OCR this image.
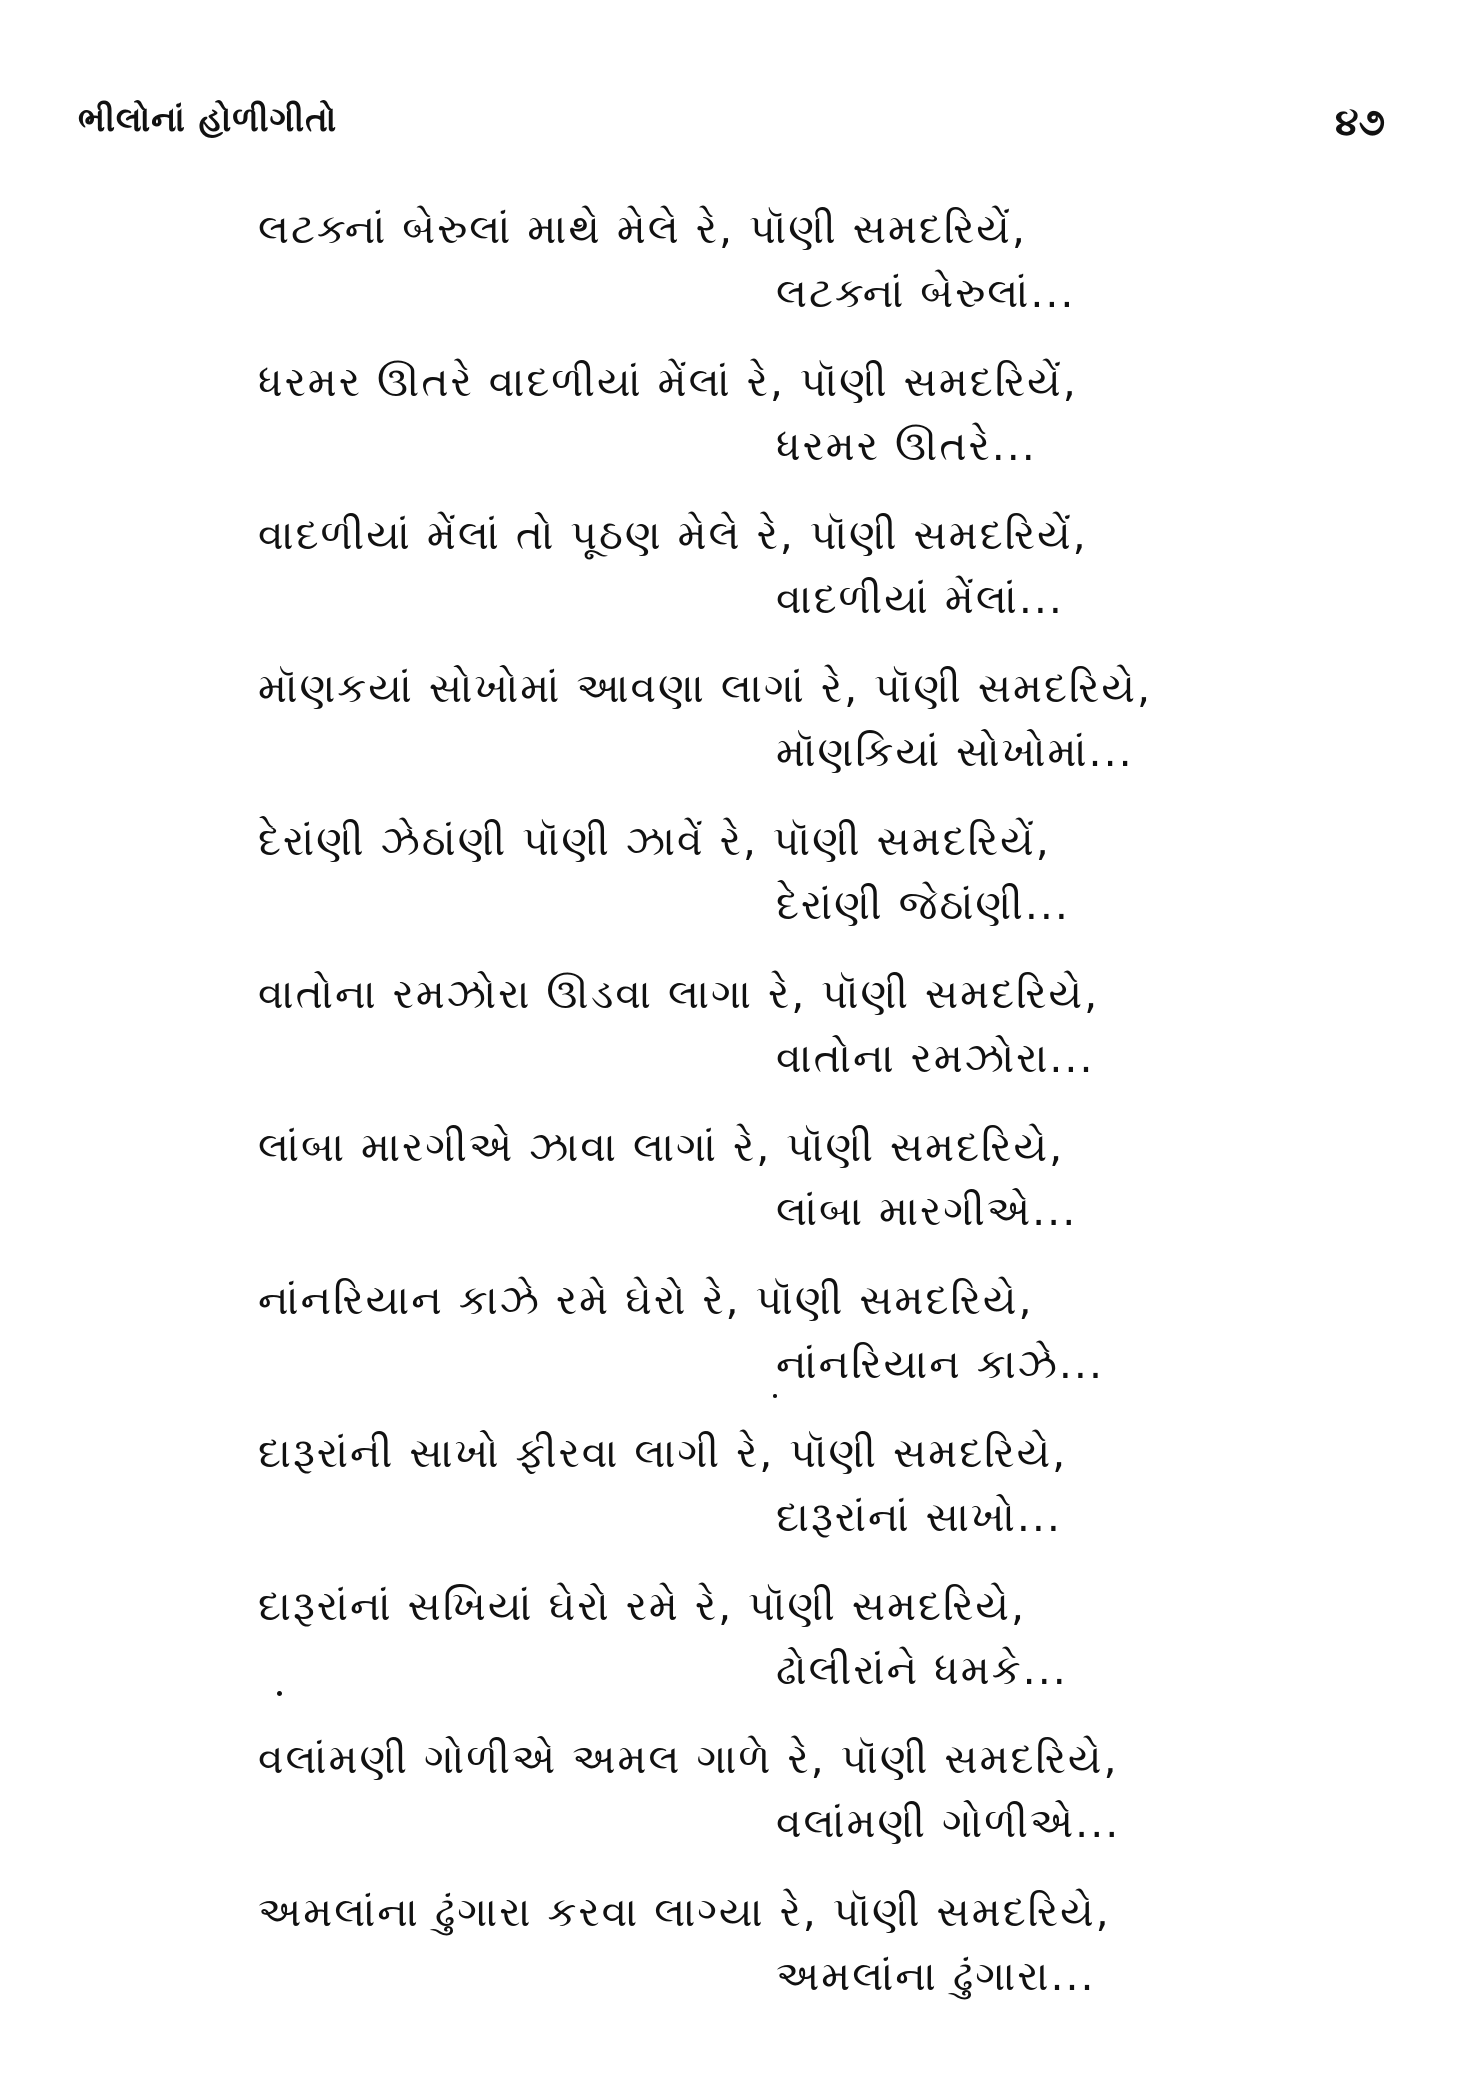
ભીલોનાં હોળીગીતો	૪૭
લટક્નાં બેરુલાં માથે મેલે રે, પૉણી સમદરિયેં,
લટક્નાં બેરુલાં...
ધરમર ઊતરે વાદળીયાં મેંલાં રે, પૉણી સમદરિયેં,
ધરમર ઊતરે...
વાદળીયાં મેંલાં તો પૂઠણ મેલે રે, પૉણી સમદરિયેં,
વાદળીયાં મેંલાં...
મૉણકયાં સોખોમાં આવણા લાગાં રે, પૉણી સમદરિયે,
મૉણકિયાં સોખોમાં...
દેરાંણી ઝેઠાંણી પૉણી ઝાવેં રે, પૉણી સમદરિયેં,
દેરાંણી જેઠાંણી...
વાતોના રમઝોરા ઊડવા લાગા રે, પૉણી સમદરિયે,
વાતોના રમઝોરા...
લાંબા મારગીએ ઝાવા લાગાં રે, પૉણી સમદરિયે,
લાંબા મારગીએ...
નાંનરિયાન કાઝે રમે ઘેરો રે, પૉણી સમદરિયે,
નાંનરિયાન કાઝે...
દારૂરાંની સાખો ફીરવા લાગી રે, પૉણી સમદરિયે,
દારૂરાંનાં સાખો...
દારૂરાંનાં સખિયાં ઘેરો રમે રે, પૉણી સમદરિયે,
ઢોલીરાંને ધમકે...
વલાંમણી ગોળીએ અમલ ગાળે રે, પૉણી સમદરિયે,
વલાંમણી ગોળીએ...
અમલાંના ઢુંગારા કરવા લાગ્યા રે, પૉણી સમદરિયે,
અમલાંના ઢુંગારા...
